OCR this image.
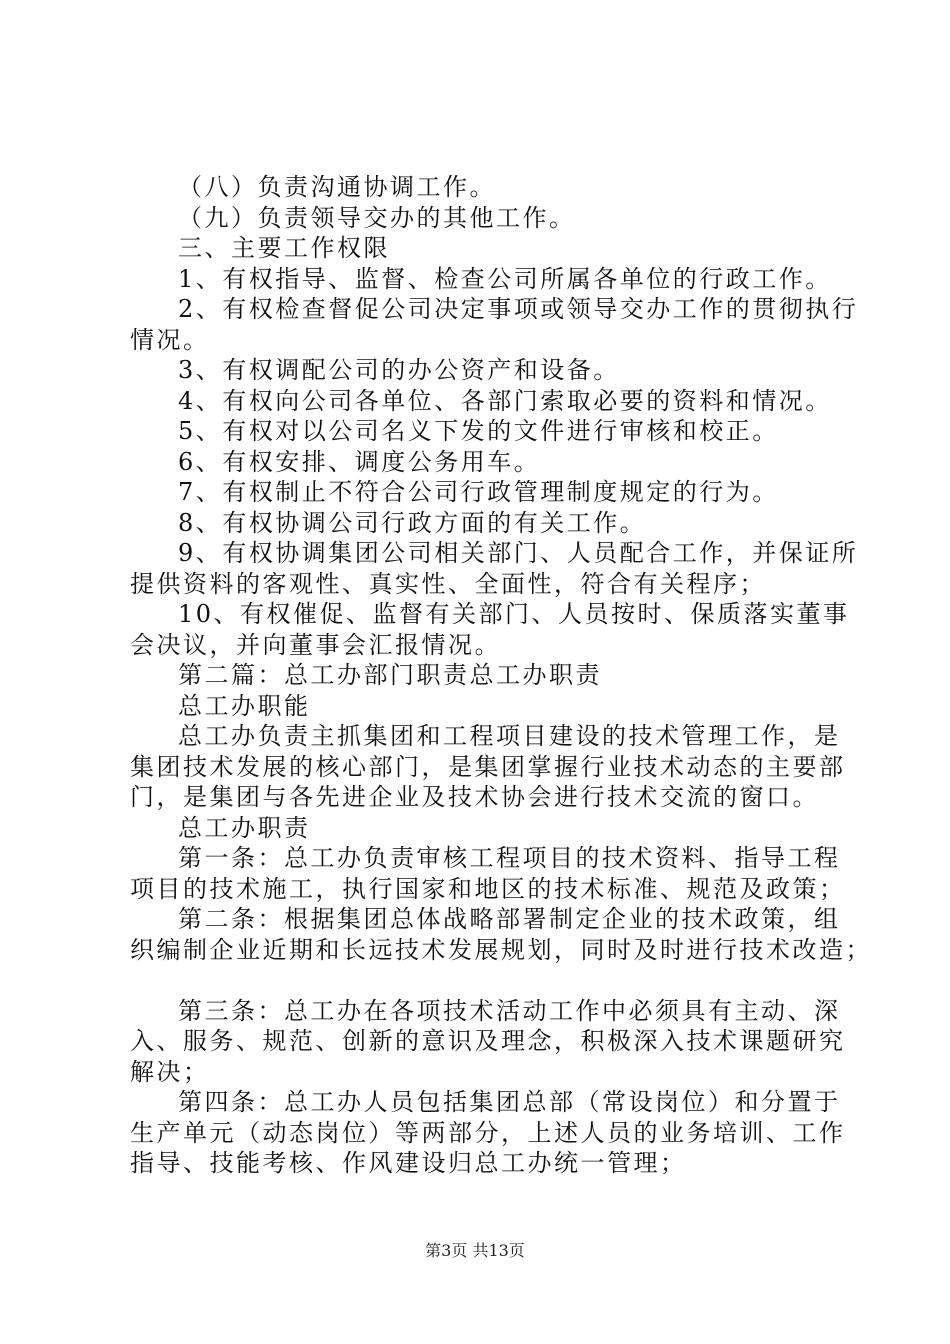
（八）负责沟通协调工作。
（九）负责领导交办的其他工作。
三、主要工作权限
1、有权指导、监督、检查公司所属各单位的行政工作。
2、有权检查督促公司决定事项或领导交办工作的贯彻执行
情况。
3、有权调配公司的办公资产和设备。
4、有权向公司各单位、各部门索取必要的资料和情况。
5、有权对以公司名义下发的文件进行审核和校正。
6、有权安排、调度公务用车。
7、有权制止不符合公司行政管理制度规定的行为。
8、有权协调公司行政方面的有关工作。
9、有权协调集团公司相关部门、人员配合工作，并保证所
提供资料的客观性、真实性、全面性，符合有关程序；
10、有权催促、监督有关部门、人员按时、保质落实董事
会决议，并向董事会汇报情况。
第二篇：总工办部门职责总工办职责
总工办职能
总工办负责主抓集团和工程项目建设的技术管理工作，是
集团技术发展的核心部门，是集团掌握行业技术动态的主要部
门，是集团与各先进企业及技术协会进行技术交流的窗口。
总工办职责
第一条：总工办负责审核工程项目的技术资料、指导工程
项目的技术施工，执行国家和地区的技术标准、规范及政策；
第二条：根据集团总体战略部署制定企业的技术政策，组
织编制企业近期和长远技术发展规划，同时及时进行技术改造；
第三条：总工办在各项技术活动工作中必须具有主动、深
入、服务、规范、创新的意识及理念，积极深入技术课题研究
解决；
第四条：总工办人员包括集团总部（常设岗位）和分置于
生产单元（动态岗位）等两部分，上述人员的业务培训、工作
指导、技能考核、作风建设归总工办统一管理；
第3页 共13页
